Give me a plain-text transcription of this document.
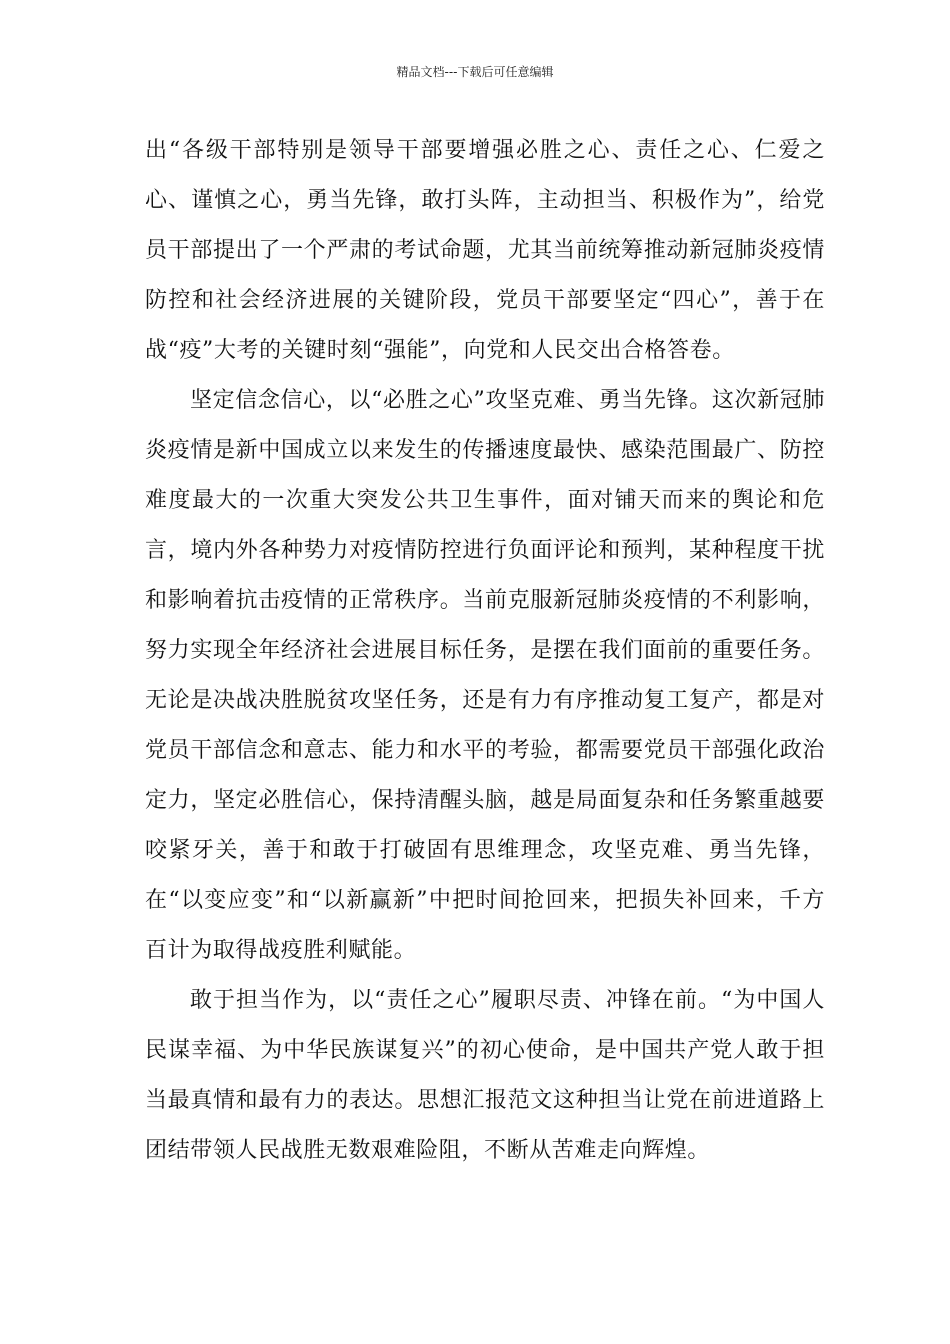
精品文档---下载后可任意编辑

出“各级干部特别是领导干部要增强必胜之心、责任之心、仁爱之心、谨慎之心，勇当先锋，敢打头阵，主动担当、积极作为”，给党员干部提出了一个严肃的考试命题，尤其当前统筹推动新冠肺炎疫情防控和社会经济进展的关键阶段，党员干部要坚定“四心”，善于在战“疫”大考的关键时刻“强能”，向党和人民交出合格答卷。

坚定信念信心，以“必胜之心”攻坚克难、勇当先锋。这次新冠肺炎疫情是新中国成立以来发生的传播速度最快、感染范围最广、防控难度最大的一次重大突发公共卫生事件，面对铺天而来的舆论和危言，境内外各种势力对疫情防控进行负面评论和预判，某种程度干扰和影响着抗击疫情的正常秩序。当前克服新冠肺炎疫情的不利影响，努力实现全年经济社会进展目标任务，是摆在我们面前的重要任务。无论是决战决胜脱贫攻坚任务，还是有力有序推动复工复产，都是对党员干部信念和意志、能力和水平的考验，都需要党员干部强化政治定力，坚定必胜信心，保持清醒头脑，越是局面复杂和任务繁重越要咬紧牙关，善于和敢于打破固有思维理念，攻坚克难、勇当先锋，在“以变应变”和“以新赢新”中把时间抢回来，把损失补回来，千方百计为取得战疫胜利赋能。

敢于担当作为，以“责任之心”履职尽责、冲锋在前。“为中国人民谋幸福、为中华民族谋复兴”的初心使命，是中国共产党人敢于担当最真情和最有力的表达。思想汇报范文这种担当让党在前进道路上团结带领人民战胜无数艰难险阻，不断从苦难走向辉煌。
